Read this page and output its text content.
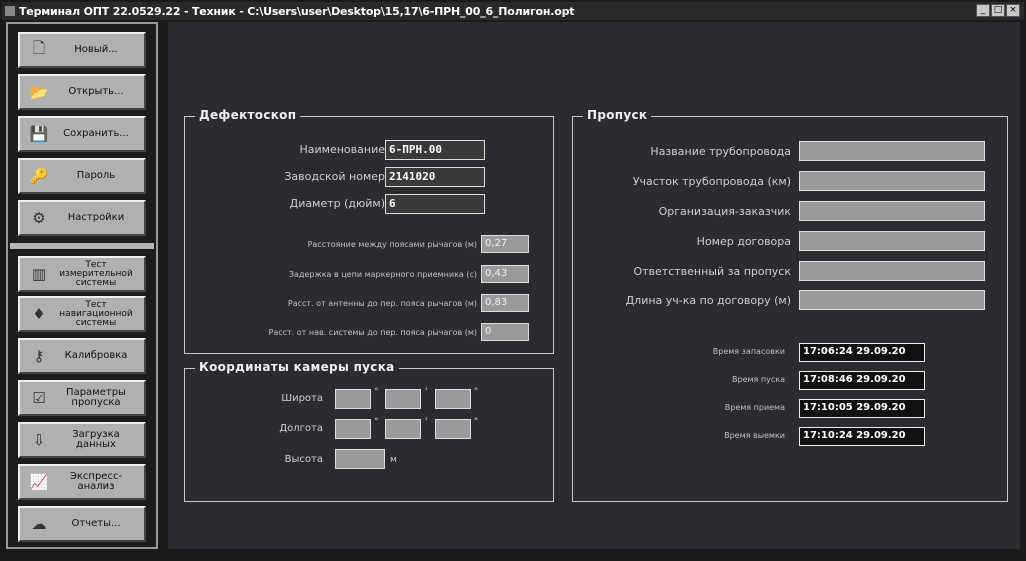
Терминал ОПТ 22.0529.22 - Техник - C:\Users\user\Desktop\15,17\6-ПРН_00_6_Полигон.opt	_ □ ×
🗋	Новый...
📂	Открыть...
💾	Сохранить...
🔑	Пароль
⚙	Настройки
▥
Тест измерительной системы
♦
Тест навигационной системы
⚷	Калибровка
☑	Параметры пропуска
⇩	Загрузка данных
📈	Экспресс-анализ
☁	Отчеты...
Дефектоскоп
Наименование 6-ПРН.00
Заводской номер 2141020
Диаметр (дюйм) 6
Расстояние между поясами рычагов (м) 0,27
Задержка в цепи маркерного приемника (с) 0,43
Расст. от антенны до пер. пояса рычагов (м) 0,83
Расст. от нав. системы до пер. пояса рычагов (м) 0
Координаты камеры пуска
Широта
°	'	"
Долгота
°	'	"
Высота	м
Пропуск
Название трубопровода
Участок трубопровода (км)
Организация-заказчик
Номер договора
Ответственный за пропуск
Длина уч-ка по договору (м)
Время запасовки	17:06:24 29.09.20
Время пуска	17:08:46 29.09.20
Время приема	17:10:05 29.09.20
Время выемки	17:10:24 29.09.20
